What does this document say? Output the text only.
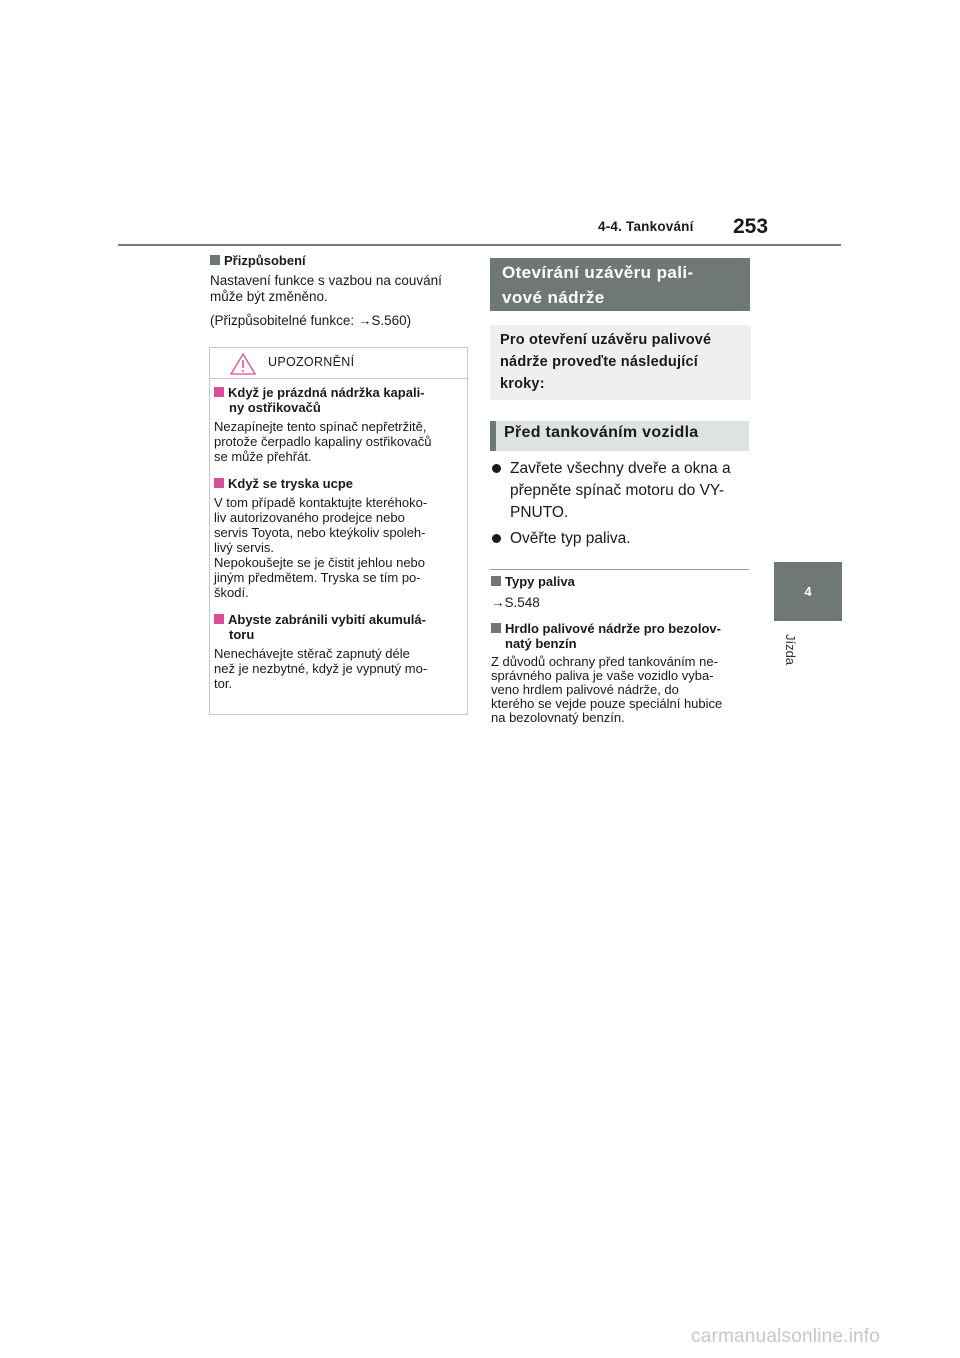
4-4. Tankování 253
4
Jízda
Přizpůsobení
Nastavení funkce s vazbou na couvání může být změněno.
(Přizpůsobitelné funkce: →S.560)
UPOZORNĚNÍ
Když je prázdná nádržka kapali-
ny ostřikovačů
Nezapínejte tento spínač nepřetržitě,
protože čerpadlo kapaliny ostřikovačů
se může přehřát.
Když se tryska ucpe
V tom případě kontaktujte kteréhoko-
liv autorizovaného prodejce nebo
servis Toyota, nebo kteýkoliv spoleh-
livý servis.
Nepokoušejte se je čistit jehlou nebo
jiným předmětem. Tryska se tím po-
škodí.
Abyste zabránili vybití akumulá-
toru
Nenechávejte stěrač zapnutý déle
než je nezbytné, když je vypnutý mo-
tor.
Otevírání uzávěru pali-
vové nádrže
Pro otevření uzávěru palivové nádrže proveďte následující kroky:
Před tankováním vozidla
Zavřete všechny dveře a okna a přepněte spínač motoru do VY-PNUTO.
Ověřte typ paliva.
Typy paliva
→S.548
Hrdlo palivové nádrže pro bezolov-
natý benzín
Z důvodů ochrany před tankováním ne-
správného paliva je vaše vozidlo vyba-
veno hrdlem palivové nádrže, do
kterého se vejde pouze speciální hubice
na bezolovnatý benzín.
carmanualsonline.info
